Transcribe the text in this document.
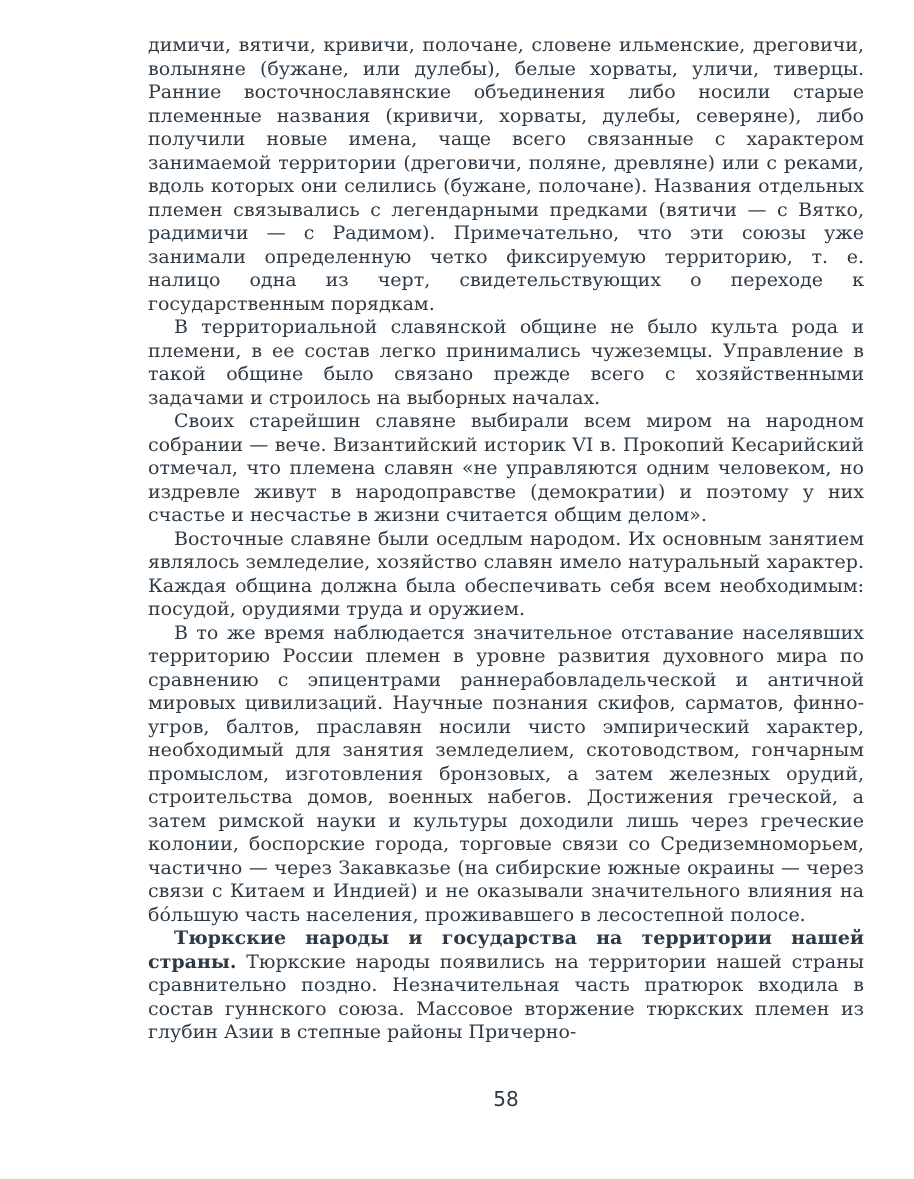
димичи, вятичи, кривичи, полочане, словене ильменские, дреговичи, волыняне (бужане, или дулебы), белые хорваты, уличи, тиверцы. Ранние восточнославянские объединения либо носили старые племенные названия (кривичи, хорваты, дулебы, северяне), либо получили новые имена, чаще всего связанные с характером занимаемой территории (дреговичи, поляне, древляне) или с реками, вдоль которых они селились (бужане, полочане). Названия отдельных племен связывались с легендарными предками (вятичи — с Вятко, радимичи — с Радимом). Примечательно, что эти союзы уже занимали определенную четко фиксируемую территорию, т. е. налицо одна из черт, свидетельствующих о переходе к государственным порядкам.

В территориальной славянской общине не было культа рода и племени, в ее состав легко принимались чужеземцы. Управление в такой общине было связано прежде всего с хозяйственными задачами и строилось на выборных началах.

Своих старейшин славяне выбирали всем миром на народном собрании — вече. Византийский историк VI в. Прокопий Кесарийский отмечал, что племена славян «не управляются одним человеком, но издревле живут в народоправстве (демократии) и поэтому у них счастье и несчастье в жизни считается общим делом».

Восточные славяне были оседлым народом. Их основным занятием являлось земледелие, хозяйство славян имело натуральный характер. Каждая община должна была обеспечивать себя всем необходимым: посудой, орудиями труда и оружием.

В то же время наблюдается значительное отставание населявших территорию России племен в уровне развития духовного мира по сравнению с эпицентрами раннерабовладельческой и античной мировых цивилизаций. Научные познания скифов, сарматов, финно-угров, балтов, праславян носили чисто эмпирический характер, необходимый для занятия земледелием, скотоводством, гончарным промыслом, изготовления бронзовых, а затем железных орудий, строительства домов, военных набегов. Достижения греческой, а затем римской науки и культуры доходили лишь через греческие колонии, боспорские города, торговые связи со Средиземноморьем, частично — через Закавказье (на сибирские южные окраины — через связи с Китаем и Индией) и не оказывали значительного влияния на бóльшую часть населения, проживавшего в лесостепной полосе.

Тюркские народы и государства на территории нашей страны. Тюркские народы появились на территории нашей страны сравнительно поздно. Незначительная часть пратюрок входила в состав гуннского союза. Массовое вторжение тюркских племен из глубин Азии в степные районы Причерно-

58
